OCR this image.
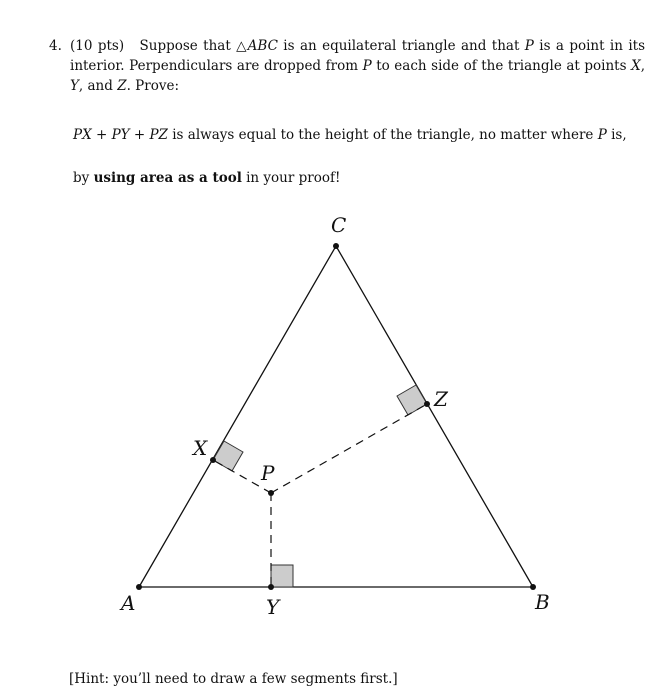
4. (10 pts) Suppose that △ABC is an equilateral triangle and that P is a point in its interior. Perpendiculars are dropped from P to each side of the triangle at points X, Y, and Z. Prove:
PX + PY + PZ is always equal to the height of the triangle, no matter where P is,
by using area as a tool in your proof!
A	B
C
P
X
Y
Z
[Hint: you’ll need to draw a few segments first.]
